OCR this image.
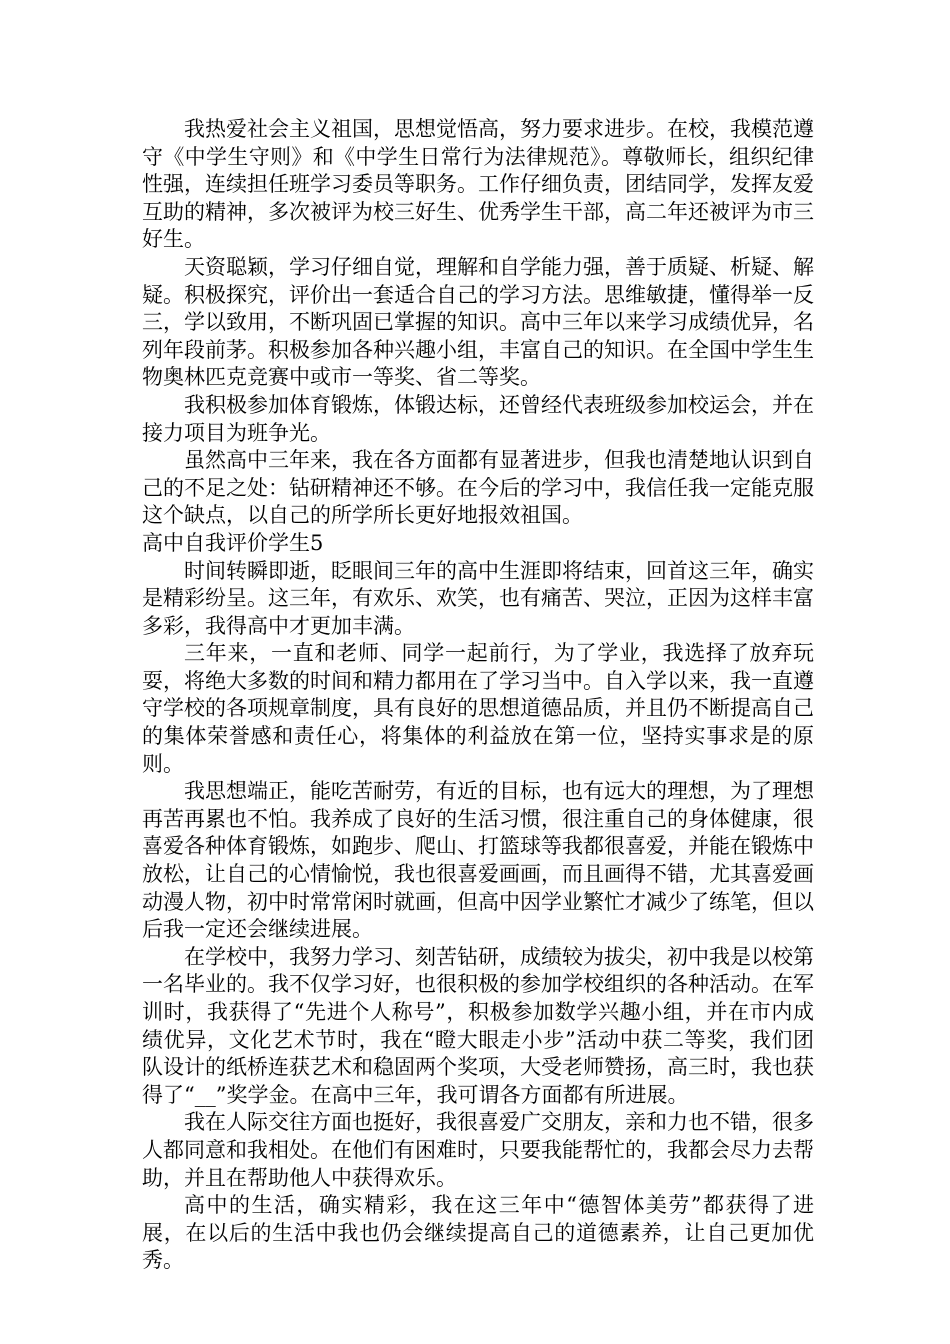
我热爱社会主义祖国，思想觉悟高，努力要求进步。在校，我模范遵守《中学生守则》和《中学生日常行为法律规范》。尊敬师长，组织纪律性强，连续担任班学习委员等职务。工作仔细负责，团结同学，发挥友爱互助的精神，多次被评为校三好生、优秀学生干部，高二年还被评为市三好生。

天资聪颖，学习仔细自觉，理解和自学能力强，善于质疑、析疑、解疑。积极探究，评价出一套适合自己的学习方法。思维敏捷，懂得举一反三，学以致用，不断巩固已掌握的知识。高中三年以来学习成绩优异，名列年段前茅。积极参加各种兴趣小组，丰富自己的知识。在全国中学生生物奥林匹克竞赛中或市一等奖、省二等奖。

我积极参加体育锻炼，体锻达标，还曾经代表班级参加校运会，并在接力项目为班争光。

虽然高中三年来，我在各方面都有显著进步，但我也清楚地认识到自己的不足之处：钻研精神还不够。在今后的学习中，我信任我一定能克服这个缺点，以自己的所学所长更好地报效祖国。

高中自我评价学生5

时间转瞬即逝，眨眼间三年的高中生涯即将结束，回首这三年，确实是精彩纷呈。这三年，有欢乐、欢笑，也有痛苦、哭泣，正因为这样丰富多彩，我得高中才更加丰满。

三年来，一直和老师、同学一起前行，为了学业，我选择了放弃玩耍，将绝大多数的时间和精力都用在了学习当中。自入学以来，我一直遵守学校的各项规章制度，具有良好的思想道德品质，并且仍不断提高自己的集体荣誉感和责任心，将集体的利益放在第一位，坚持实事求是的原则。

我思想端正，能吃苦耐劳，有近的目标，也有远大的理想，为了理想再苦再累也不怕。我养成了良好的生活习惯，很注重自己的身体健康，很喜爱各种体育锻炼，如跑步、爬山、打篮球等我都很喜爱，并能在锻炼中放松，让自己的心情愉悦，我也很喜爱画画，而且画得不错，尤其喜爱画动漫人物，初中时常常闲时就画，但高中因学业繁忙才减少了练笔，但以后我一定还会继续进展。

在学校中，我努力学习、刻苦钻研，成绩较为拔尖，初中我是以校第一名毕业的。我不仅学习好，也很积极的参加学校组织的各种活动。在军训时，我获得了“先进个人称号”，积极参加数学兴趣小组，并在市内成绩优异，文化艺术节时，我在“瞪大眼走小步”活动中获二等奖，我们团队设计的纸桥连获艺术和稳固两个奖项，大受老师赞扬，高三时，我也获得了“__”奖学金。在高中三年，我可谓各方面都有所进展。

我在人际交往方面也挺好，我很喜爱广交朋友，亲和力也不错，很多人都同意和我相处。在他们有困难时，只要我能帮忙的，我都会尽力去帮助，并且在帮助他人中获得欢乐。

高中的生活，确实精彩，我在这三年中“德智体美劳”都获得了进展，在以后的生活中我也仍会继续提高自己的道德素养，让自己更加优秀。
